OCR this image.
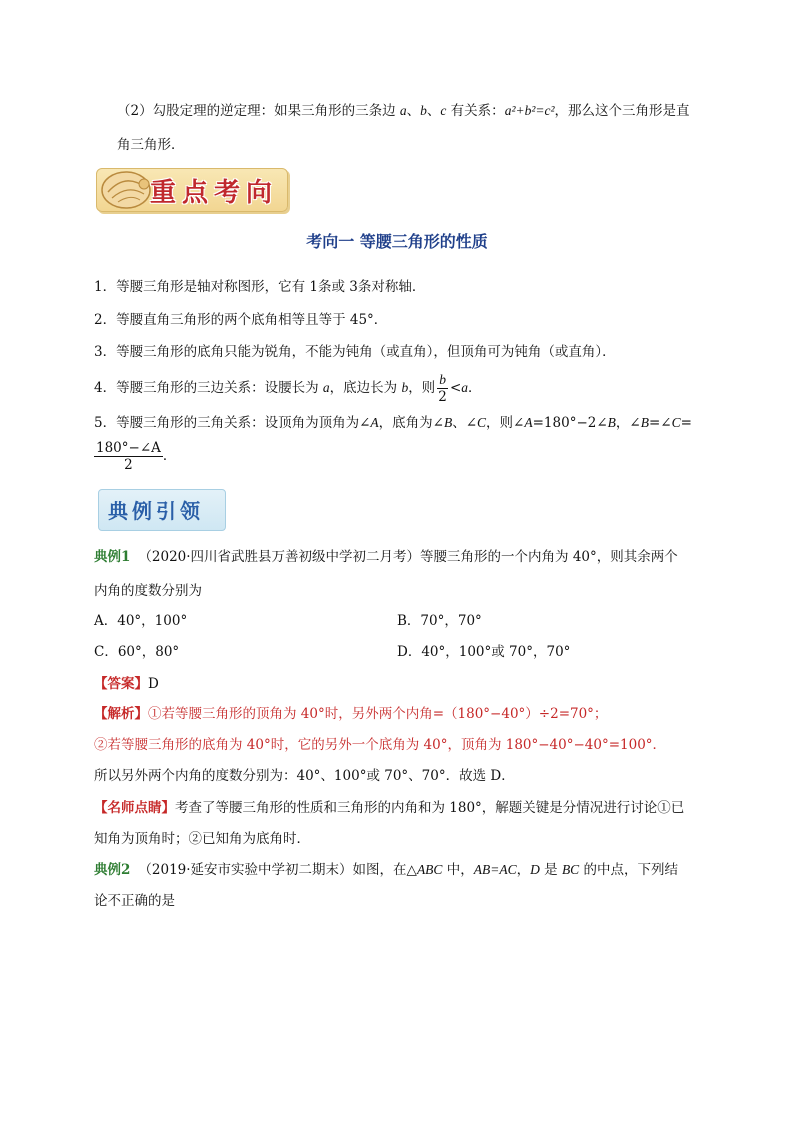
（2）勾股定理的逆定理：如果三角形的三条边 a、b、c 有关系：a²+b²=c²，那么这个三角形是直
角三角形．
重点考向
考向一 等腰三角形的性质
1．等腰三角形是轴对称图形，它有 1条或 3条对称轴．
2．等腰直角三角形的两个底角相等且等于 45°．
3．等腰三角形的底角只能为锐角，不能为钝角（或直角），但顶角可为钝角（或直角）．
4．等腰三角形的三边关系：设腰长为 a，底边长为 b，则 $\frac{b}{2} <a$．
5．等腰三角形的三角关系：设顶角为顶角为∠A，底角为∠B、∠C，则∠A=180°−2∠B，∠B=∠C=
$\frac{180^\circ-\angle A}{2}$ ．
典例引领
典例1 （2020·四川省武胜县万善初级中学初二月考）等腰三角形的一个内角为 40°，则其余两个
内角的度数分别为
A．40°，100°	B．70°，70°
C．60°，80°	D．40°，100°或 70°，70°
【答案】D
【解析】①若等腰三角形的顶角为 40°时，另外两个内角=（180°−40°）÷2=70°；
②若等腰三角形的底角为 40°时，它的另外一个底角为 40°，顶角为 180°−40°−40°=100°．
所以另外两个内角的度数分别为：40°、100°或 70°、70°．故选 D．
【名师点睛】考查了等腰三角形的性质和三角形的内角和为 180°，解题关键是分情况进行讨论①已
知角为顶角时；②已知角为底角时．
典例2 （2019·延安市实验中学初二期末）如图，在△ABC 中，AB=AC，D 是 BC 的中点，下列结
论不正确的是
